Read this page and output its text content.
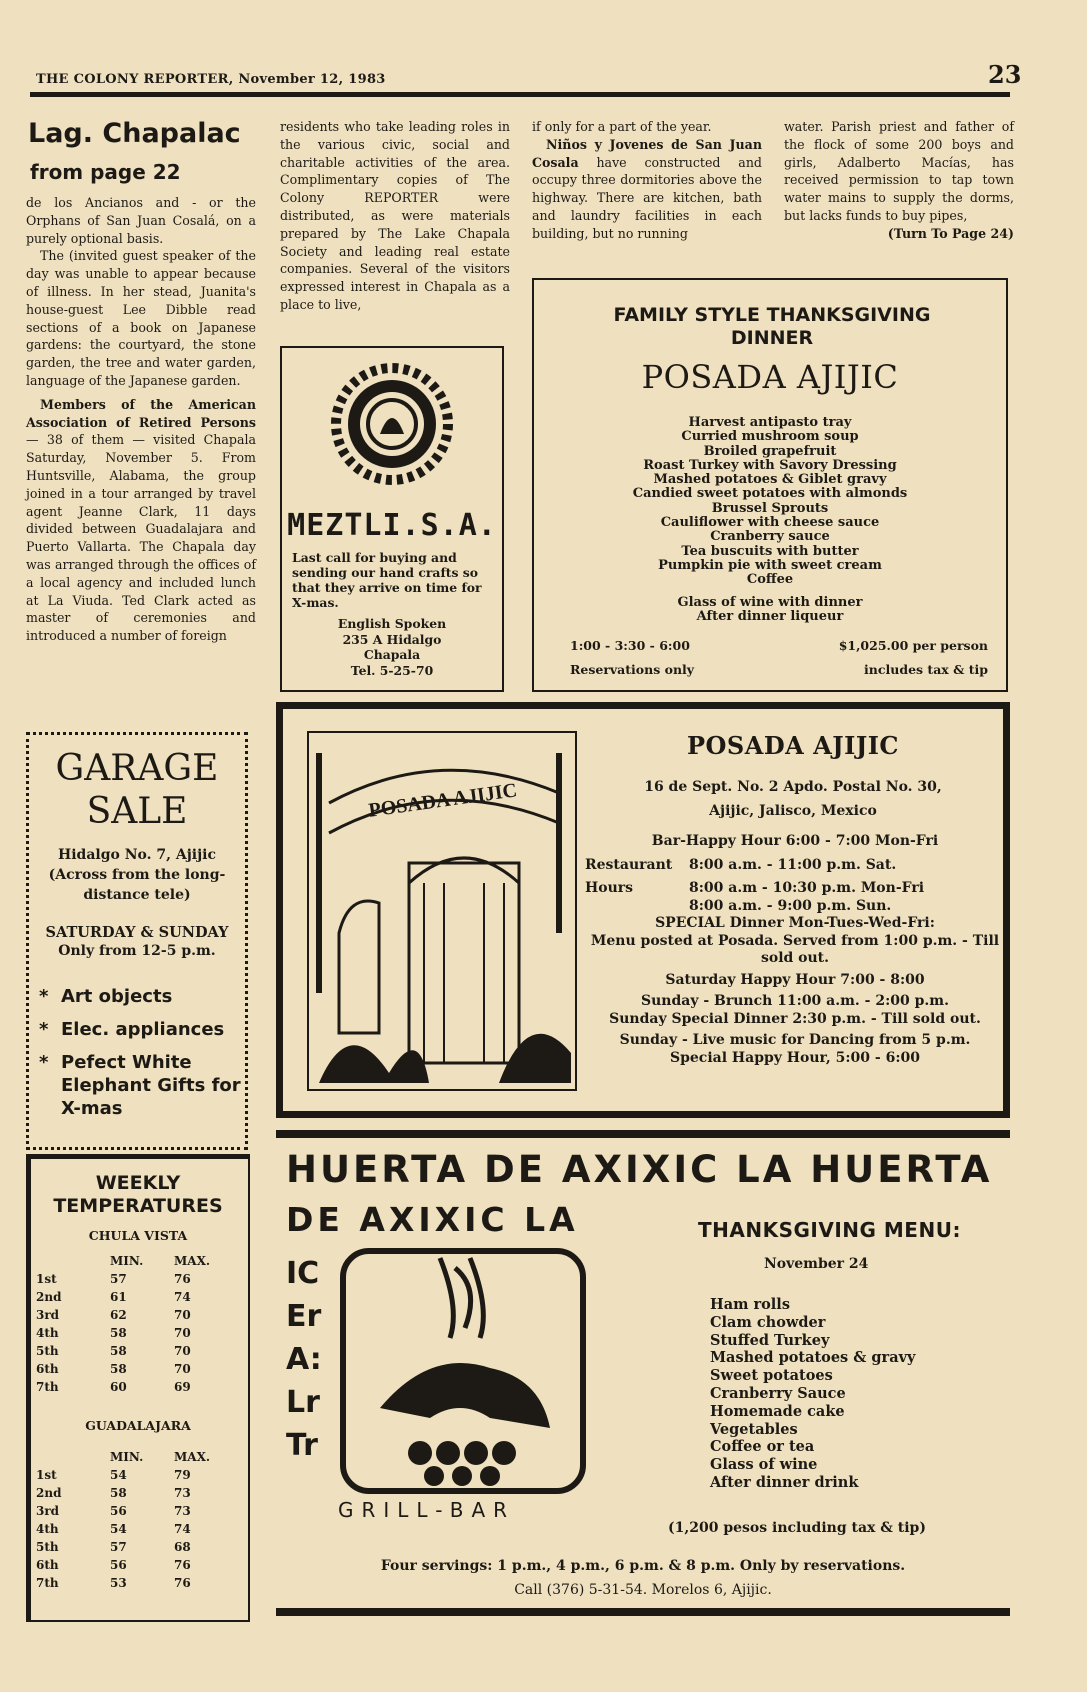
THE COLONY REPORTER, November 12, 1983	23
Lag. Chapalac
from page 22

de los Ancianos and - or the Orphans of San Juan Cosalá, on a purely optional basis.

The (invited guest speaker of the day was unable to appear because of illness. In her stead, Juanita's house-guest Lee Dibble read sections of a book on Japanese gardens: the courtyard, the stone garden, the tree and water garden, language of the Japanese garden.

Members of the American Association of Retired Persons — 38 of them — visited Chapala Saturday, November 5. From Huntsville, Alabama, the group joined in a tour arranged by travel agent Jeanne Clark, 11 days divided between Guadalajara and Puerto Vallarta. The Chapala day was arranged through the offices of a local agency and included lunch at La Viuda. Ted Clark acted as master of ceremonies and introduced a number of foreign

residents who take leading roles in the various civic, social and charitable activities of the area. Complimentary copies of The Colony REPORTER were distributed, as were materials prepared by The Lake Chapala Society and leading real estate companies. Several of the visitors expressed interest in Chapala as a place to live,

if only for a part of the year.

Niños y Jovenes de San Juan Cosala have constructed and occupy three dormitories above the highway. There are kitchen, bath and laundry facilities in each building, but no running

water. Parish priest and father of the flock of some 200 boys and girls, Adalberto Macías, has received permission to tap town water mains to supply the dorms, but lacks funds to buy pipes,

(Turn To Page 24)

MEZTLI.S.A.
Last call for buying and sending our hand crafts so that they arrive on time for X-mas.
English Spoken
235 A Hidalgo
Chapala
Tel. 5-25-70
FAMILY STYLE THANKSGIVING DINNER
POSADA AJIJIC
Harvest antipasto tray
Curried mushroom soup
Broiled grapefruit
Roast Turkey with Savory Dressing
Mashed potatoes & Giblet gravy
Candied sweet potatoes with almonds
Brussel Sprouts
Cauliflower with cheese sauce
Cranberry sauce
Tea buscuits with butter
Pumpkin pie with sweet cream
Coffee
Glass of wine with dinner
After dinner liqueur
1:00 - 3:30 - 6:00	$1,025.00 per person
Reservations only	includes tax & tip
POSADA AJIJIC
POSADA AJIJIC
16 de Sept. No. 2 Apdo. Postal No. 30,
Ajijic, Jalisco, Mexico
Bar-Happy Hour 6:00 - 7:00 Mon-Fri
Restaurant 8:00 a.m. - 11:00 p.m. Sat.
Hours	8:00 a.m - 10:30 p.m. Mon-Fri
8:00 a.m. - 9:00 p.m. Sun.
SPECIAL Dinner Mon-Tues-Wed-Fri:
Menu posted at Posada. Served from 1:00 p.m. - Till sold out.
Saturday Happy Hour 7:00 - 8:00
Sunday - Brunch 11:00 a.m. - 2:00 p.m.
Sunday Special Dinner 2:30 p.m. - Till sold out.
Sunday - Live music for Dancing from 5 p.m.
Special Happy Hour, 5:00 - 6:00
GARAGE
SALE
Hidalgo No. 7, Ajijic
(Across from the long-distance tele)
SATURDAY & SUNDAY
Only from 12-5 p.m.
* Art objects
* Elec. appliances
* Pefect White Elephant Gifts for X-mas
WEEKLY TEMPERATURES
CHULA VISTA
	MIN.	MAX.
1st	57	76
2nd	61	74
3rd	62	70
4th	58	70
5th	58	70
6th	58	70
7th	60	69
GUADALAJARA
	MIN.	MAX.
1st	54	79
2nd	58	73
3rd	56	73
4th	54	74
5th	57	68
6th	56	76
7th	53	76
HUERTA DE AXIXIC LA HUERTA
DE AXIXIC LA
IC
Er
A:
Lr
Tr
GRILL-BAR
THANKSGIVING MENU:
November 24
Ham rolls
Clam chowder
Stuffed Turkey
Mashed potatoes & gravy
Sweet potatoes
Cranberry Sauce
Homemade cake
Vegetables
Coffee or tea
Glass of wine
After dinner drink
(1,200 pesos including tax & tip)
Four servings: 1 p.m., 4 p.m., 6 p.m. & 8 p.m. Only by reservations.
Call (376) 5-31-54. Morelos 6, Ajijic.
